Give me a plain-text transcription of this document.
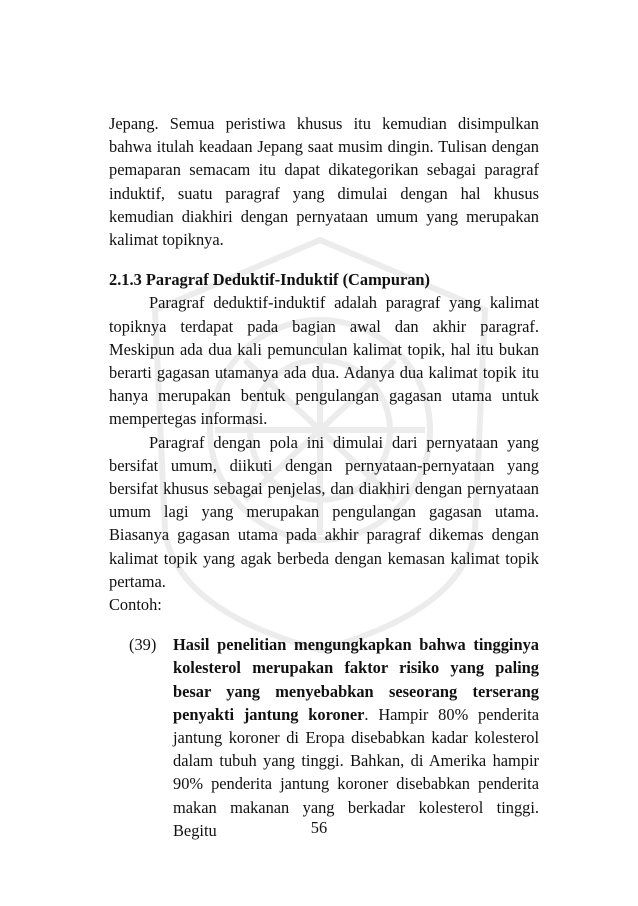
Jepang. Semua peristiwa khusus itu kemudian disimpulkan bahwa itulah keadaan Jepang saat musim dingin. Tulisan dengan pemaparan semacam itu dapat dikategorikan sebagai paragraf induktif, suatu paragraf yang dimulai dengan hal khusus kemudian diakhiri dengan pernyataan umum yang merupakan kalimat topiknya.

2.1.3 Paragraf Deduktif-Induktif (Campuran)

Paragraf deduktif-induktif adalah paragraf yang kalimat topiknya terdapat pada bagian awal dan akhir paragraf. Meskipun ada dua kali pemunculan kalimat topik, hal itu bukan berarti gagasan utamanya ada dua. Adanya dua kalimat topik itu hanya merupakan bentuk pengulangan gagasan utama untuk mempertegas informasi.

Paragraf dengan pola ini dimulai dari pernyataan yang bersifat umum, diikuti dengan pernyataan-pernyataan yang bersifat khusus sebagai penjelas, dan diakhiri dengan pernyataan umum lagi yang merupakan pengulangan gagasan utama. Biasanya gagasan utama pada akhir paragraf dikemas dengan kalimat topik yang agak berbeda dengan kemasan kalimat topik pertama.

Contoh:

(39)	Hasil penelitian mengungkapkan bahwa tingginya kolesterol merupakan faktor risiko yang paling besar yang menyebabkan seseorang terserang penyakti jantung koroner. Hampir 80% penderita jantung koroner di Eropa disebabkan kadar kolesterol dalam tubuh yang tinggi. Bahkan, di Amerika hampir 90% penderita jantung koroner disebabkan penderita makan makanan yang berkadar kolesterol tinggi. Begitu	56
